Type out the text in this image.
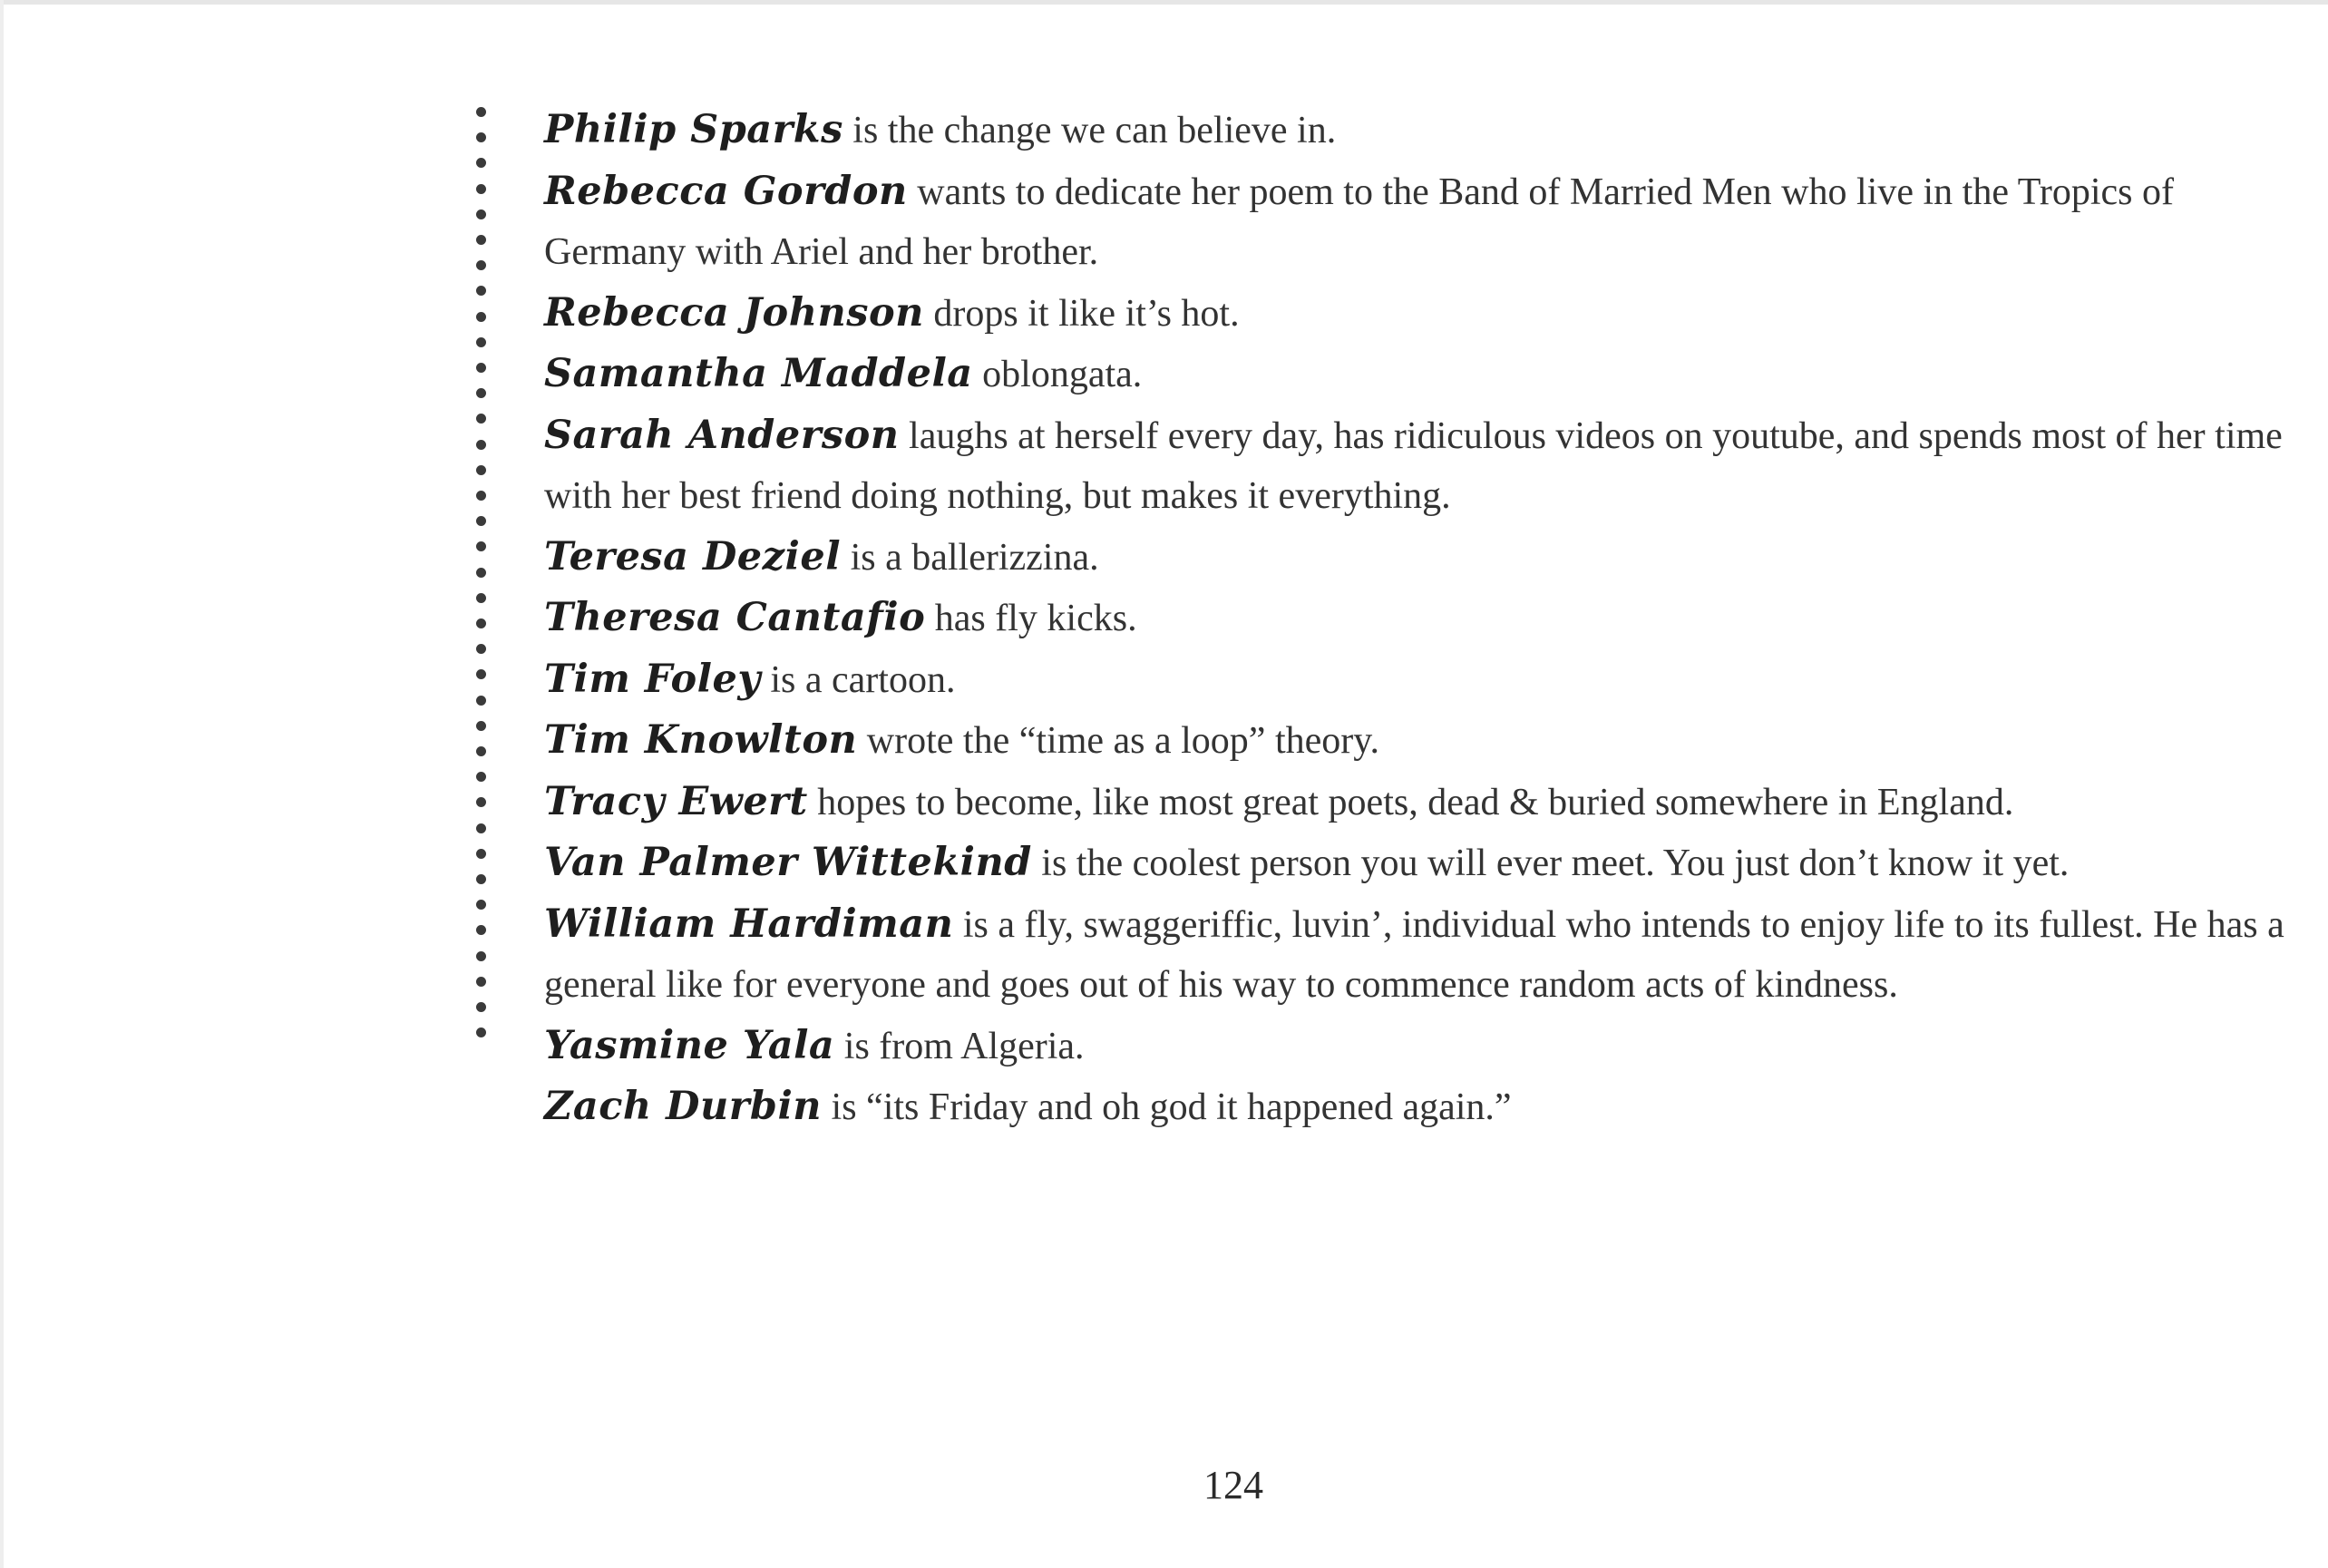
Philip Sparks is the change we can believe in.
Rebecca Gordon wants to dedicate her poem to the Band of Married Men who live in the Tropics of Germany with Ariel and her brother.
Rebecca Johnson drops it like it’s hot.
Samantha Maddela oblongata.
Sarah Anderson laughs at herself every day, has ridiculous videos on youtube, and spends most of her time with her best friend doing nothing, but makes it everything.
Teresa Deziel is a ballerizzina.
Theresa Cantafio has fly kicks.
Tim Foley is a cartoon.
Tim Knowlton wrote the “time as a loop” theory.
Tracy Ewert hopes to become, like most great poets, dead & buried somewhere in England.
Van Palmer Wittekind is the coolest person you will ever meet. You just don’t know it yet.
William Hardiman is a fly, swaggeriffic, luvin’, individual who intends to enjoy life to its fullest. He has a general like for everyone and goes out of his way to commence random acts of kindness.
Yasmine Yala is from Algeria.
Zach Durbin is “its Friday and oh god it happened again.”
124
